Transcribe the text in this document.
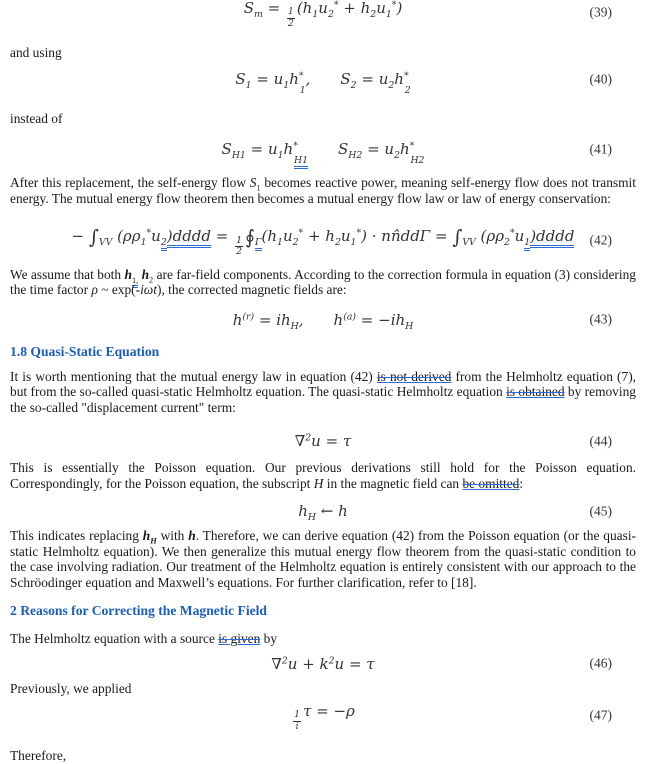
$S_m = \frac{1}{2} (h_1u_2^* + h_2u_1^*)$	(39)
and using
$S_1 = u_1h^*_1$, $S_2 = u_2h^*_2$
(40)
instead of
$S_{H1} = u_1h^*_{H1}S_{H2} = u_2h^*_{H2}$
(41)

After this replacement, the self-energy flow $S_1$ becomes reactive power, meaning self-energy flow does not transmit energy. The mutual energy flow theorem then becomes a mutual energy flow law or law of energy conservation:

− $\int_{VV}$ $(\rho\rho_1^*u_2)dddd = \frac{1}{2}$ $∮_\Gamma(h_1u_2^* + h_2u_1^*)$ · nn̂ddΓ = $\int_{VV}$ $(\rho\rho_2^*u_1)dddd$ (42)

We assume that both $h_{1,}$ $h_2$ are far-field components. According to the correction formula in equation (3) considering the time factor ρ ~ exp(-iωt), the corrected magnetic fields are:

$h^{(r)} = ih_H$, $h^{(a)} = -ih_H$	(43)
1.8 Quasi-Static Equation

It is worth mentioning that the mutual energy law in equation (42) is not derived from the Helmholtz equation (7), but from the so-called quasi-static Helmholtz equation. The quasi-static Helmholtz equation is obtained by removing the so-called "displacement current" term:

∇$^2$u = τ	(44)

This is essentially the Poisson equation. Our previous derivations still hold for the Poisson equation. Correspondingly, for the Poisson equation, the subscript H in the magnetic field can be omitted:

$h_H$ ← h	(45)

This indicates replacing $h_H$ with h. Therefore, we can derive equation (42) from the Poisson equation (or the quasi-static Helmholtz equation). We then generalize this mutual energy flow theorem from the quasi-static condition to the case involving radiation. Our treatment of the Helmholtz equation is entirely consistent with our approach to the Schröodinger equation and Maxwell’s equations. For further clarification, refer to [18].

2 Reasons for Correcting the Magnetic Field

The Helmholtz equation with a source is given by

$\nabla^2u + k^2u = \tau$	(46)
Previously, we applied
$\frac{1}{i}$ τ = −ρ	(47)
Therefore,
